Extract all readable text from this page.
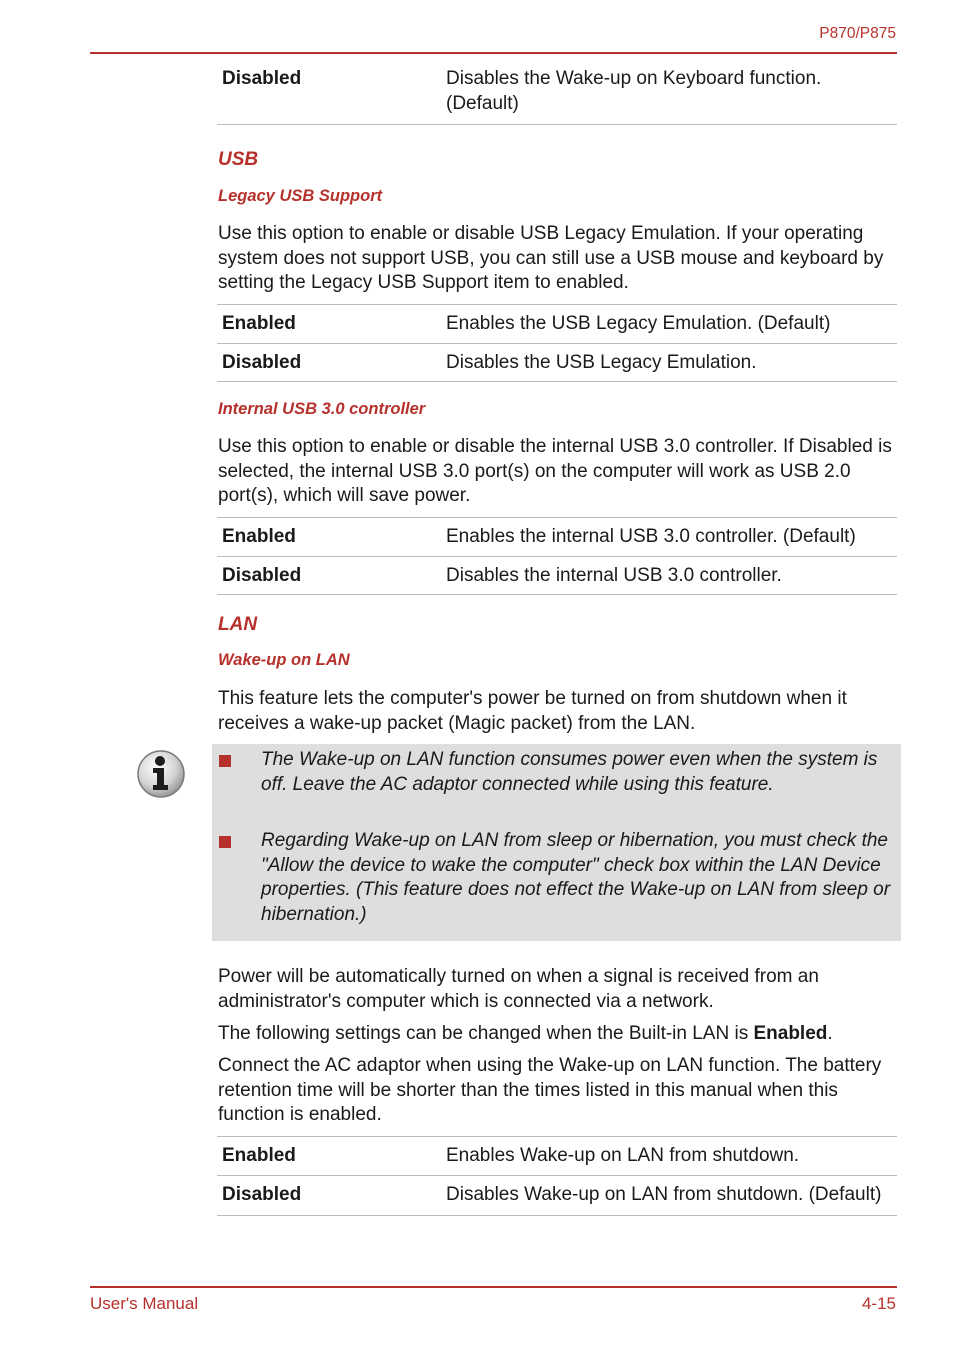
P870/P875
Disabled	Disables the Wake-up on Keyboard function. (Default)
USB
Legacy USB Support
Use this option to enable or disable USB Legacy Emulation. If your operating system does not support USB, you can still use a USB mouse and keyboard by setting the Legacy USB Support item to enabled.
Enabled	Enables the USB Legacy Emulation. (Default)
Disabled	Disables the USB Legacy Emulation.
Internal USB 3.0 controller
Use this option to enable or disable the internal USB 3.0 controller. If Disabled is selected, the internal USB 3.0 port(s) on the computer will work as USB 2.0 port(s), which will save power.
Enabled	Enables the internal USB 3.0 controller. (Default)
Disabled	Disables the internal USB 3.0 controller.
LAN
Wake-up on LAN
This feature lets the computer's power be turned on from shutdown when it receives a wake-up packet (Magic packet) from the LAN.
The Wake-up on LAN function consumes power even when the system is off. Leave the AC adaptor connected while using this feature.
Regarding Wake-up on LAN from sleep or hibernation, you must check the "Allow the device to wake the computer" check box within the LAN Device properties. (This feature does not effect the Wake-up on LAN from sleep or hibernation.)
Power will be automatically turned on when a signal is received from an administrator's computer which is connected via a network.
The following settings can be changed when the Built-in LAN is Enabled.
Connect the AC adaptor when using the Wake-up on LAN function. The battery retention time will be shorter than the times listed in this manual when this function is enabled.
Enabled	Enables Wake-up on LAN from shutdown.
Disabled	Disables Wake-up on LAN from shutdown. (Default)
User's Manual	4-15
